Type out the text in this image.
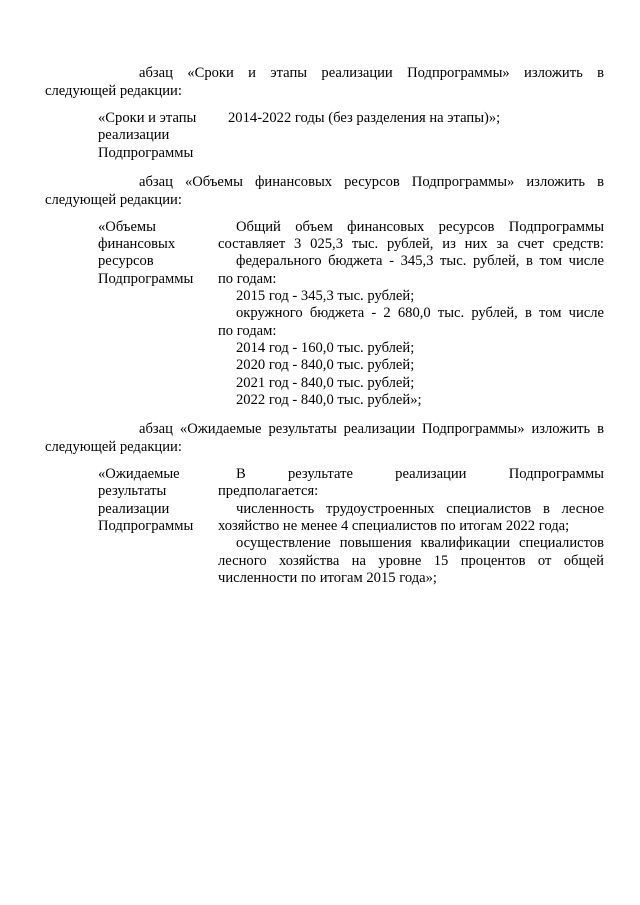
абзац «Сроки и этапы реализации Подпрограммы» изложить в
следующей редакции:

«Сроки и этапы
реализации
Подпрограммы
2014-2022 годы (без разделения на этапы)»;

абзац «Объемы финансовых ресурсов Подпрограммы» изложить в
следующей редакции:

«Объемы
финансовых
ресурсов
Подпрограммы
Общий объем финансовых ресурсов Подпрограммы
составляет 3 025,3 тыс. рублей, из них за счет средств:
федерального бюджета - 345,3 тыс. рублей, в том числе
по годам:
2015 год - 345,3 тыс. рублей;
окружного бюджета - 2 680,0 тыс. рублей, в том числе
по годам:
2014 год - 160,0 тыс. рублей;
2020 год - 840,0 тыс. рублей;
2021 год - 840,0 тыс. рублей;
2022 год - 840,0 тыс. рублей»;

абзац «Ожидаемые результаты реализации Подпрограммы» изложить в
следующей редакции:

«Ожидаемые
результаты
реализации
Подпрограммы
В результате реализации Подпрограммы
предполагается:
численность трудоустроенных специалистов в лесное
хозяйство не менее 4 специалистов по итогам 2022 года;
осуществление повышения квалификации специалистов
лесного хозяйства на уровне 15 процентов от общей
численности по итогам 2015 года»;
